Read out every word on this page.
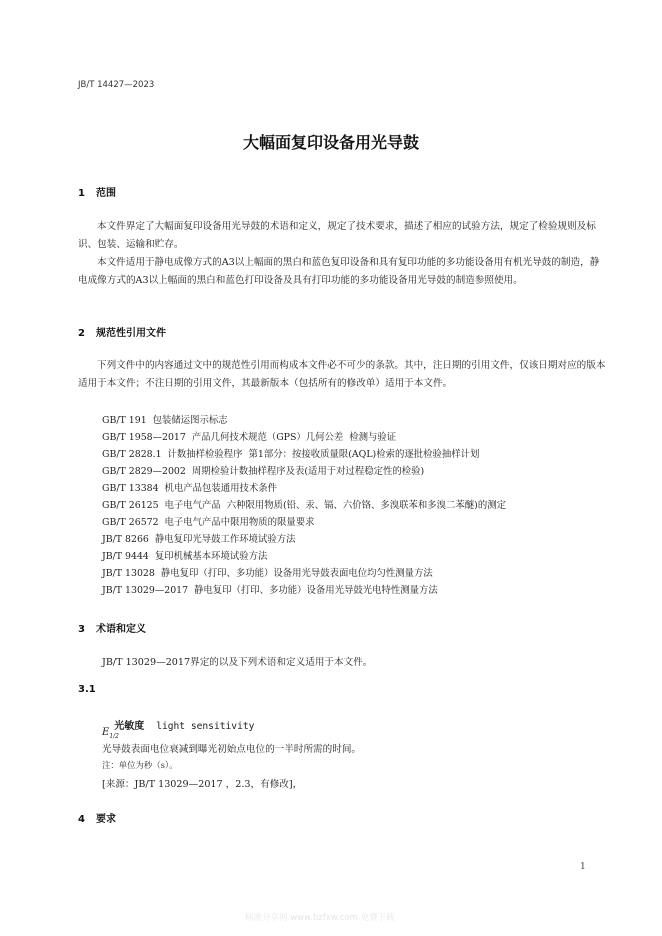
JB/T 14427—2023
大幅面复印设备用光导鼓
1 范围
本文件界定了大幅面复印设备用光导鼓的术语和定义，规定了技术要求，描述了相应的试验方法，规定了检验规则及标识、包装、运输和贮存。
本文件适用于静电成像方式的A3以上幅面的黑白和蓝色复印设备和具有复印功能的多功能设备用有机光导鼓的制造，静电成像方式的A3以上幅面的黑白和蓝色打印设备及具有打印功能的多功能设备用光导鼓的制造参照使用。
2 规范性引用文件
下列文件中的内容通过文中的规范性引用而构成本文件必不可少的条款。其中，注日期的引用文件，仅该日期对应的版本适用于本文件；不注日期的引用文件，其最新版本（包括所有的修改单）适用于本文件。
GB/T 191  包装储运图示标志
GB/T 1958—2017  产品几何技术规范（GPS）几何公差  检测与验证
GB/T 2828.1  计数抽样检验程序  第1部分：按接收质量限(AQL)检索的逐批检验抽样计划
GB/T 2829—2002  周期检验计数抽样程序及表(适用于对过程稳定性的检验)
GB/T 13384  机电产品包装通用技术条件
GB/T 26125  电子电气产品  六种限用物质(铅、汞、镉、六价铬、多溴联苯和多溴二苯醚)的测定
GB/T 26572  电子电气产品中限用物质的限量要求
JB/T 8266  静电复印光导鼓工作环境试验方法
JB/T 9444  复印机械基本环境试验方法
JB/T 13028  静电复印（打印、多功能）设备用光导鼓表面电位均匀性测量方法
JB/T 13029—2017  静电复印（打印、多功能）设备用光导鼓光电特性测量方法
3 术语和定义
JB/T 13029—2017界定的以及下列术语和定义适用于本文件。
3.1

光敏度 light sensitivity

$E_{1/2}$
光导鼓表面电位衰减到曝光初始点电位的一半时所需的时间。
注：单位为秒（s）。
[来源：JB/T 13029—2017 ，2.3，有修改]，
4 要求
1
标准分享网 www.bzfxw.com 免费下载
